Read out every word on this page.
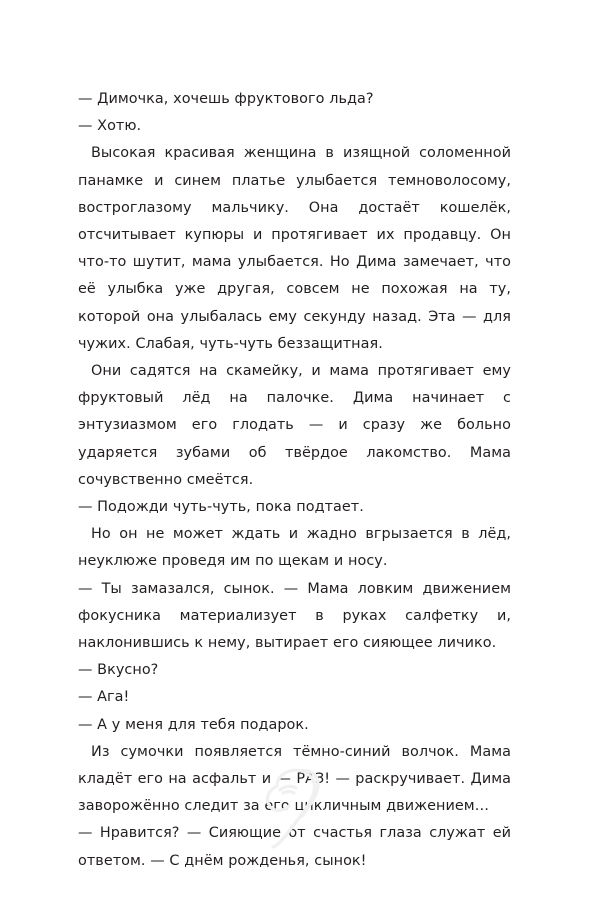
— Димочка, хочешь фруктового льда?

— Хотю.

Высокая красивая женщина в изящной соломенной панамке и синем платье улыбается темноволосому, востроглазому мальчику. Она достаёт кошелёк, отсчитывает купюры и протягивает их продавцу. Он что-то шутит, мама улыбается. Но Дима замечает, что её улыбка уже другая, совсем не похожая на ту, которой она улыбалась ему секунду назад. Эта — для чужих. Слабая, чуть-чуть беззащитная.

Они садятся на скамейку, и мама протягивает ему фруктовый лёд на палочке. Дима начинает с энтузиазмом его глодать — и сразу же больно ударяется зубами об твёрдое лакомство. Мама сочувственно смеётся.

— Подожди чуть-чуть, пока подтает.

Но он не может ждать и жадно вгрызается в лёд, неуклюже проведя им по щекам и носу.

— Ты замазался, сынок. — Мама ловким движением фокусника материализует в руках салфетку и, наклонившись к нему, вытирает его сияющее личико.

— Вкусно?

— Ага!

— А у меня для тебя подарок.

Из сумочки появляется тёмно-синий волчок. Мама кладёт его на асфальт и — РАЗ! — раскручивает. Дима заворожённо следит за его цикличным движением…

— Нравится? — Сияющие от счастья глаза служат ей ответом. — С днём рожденья, сынок!
